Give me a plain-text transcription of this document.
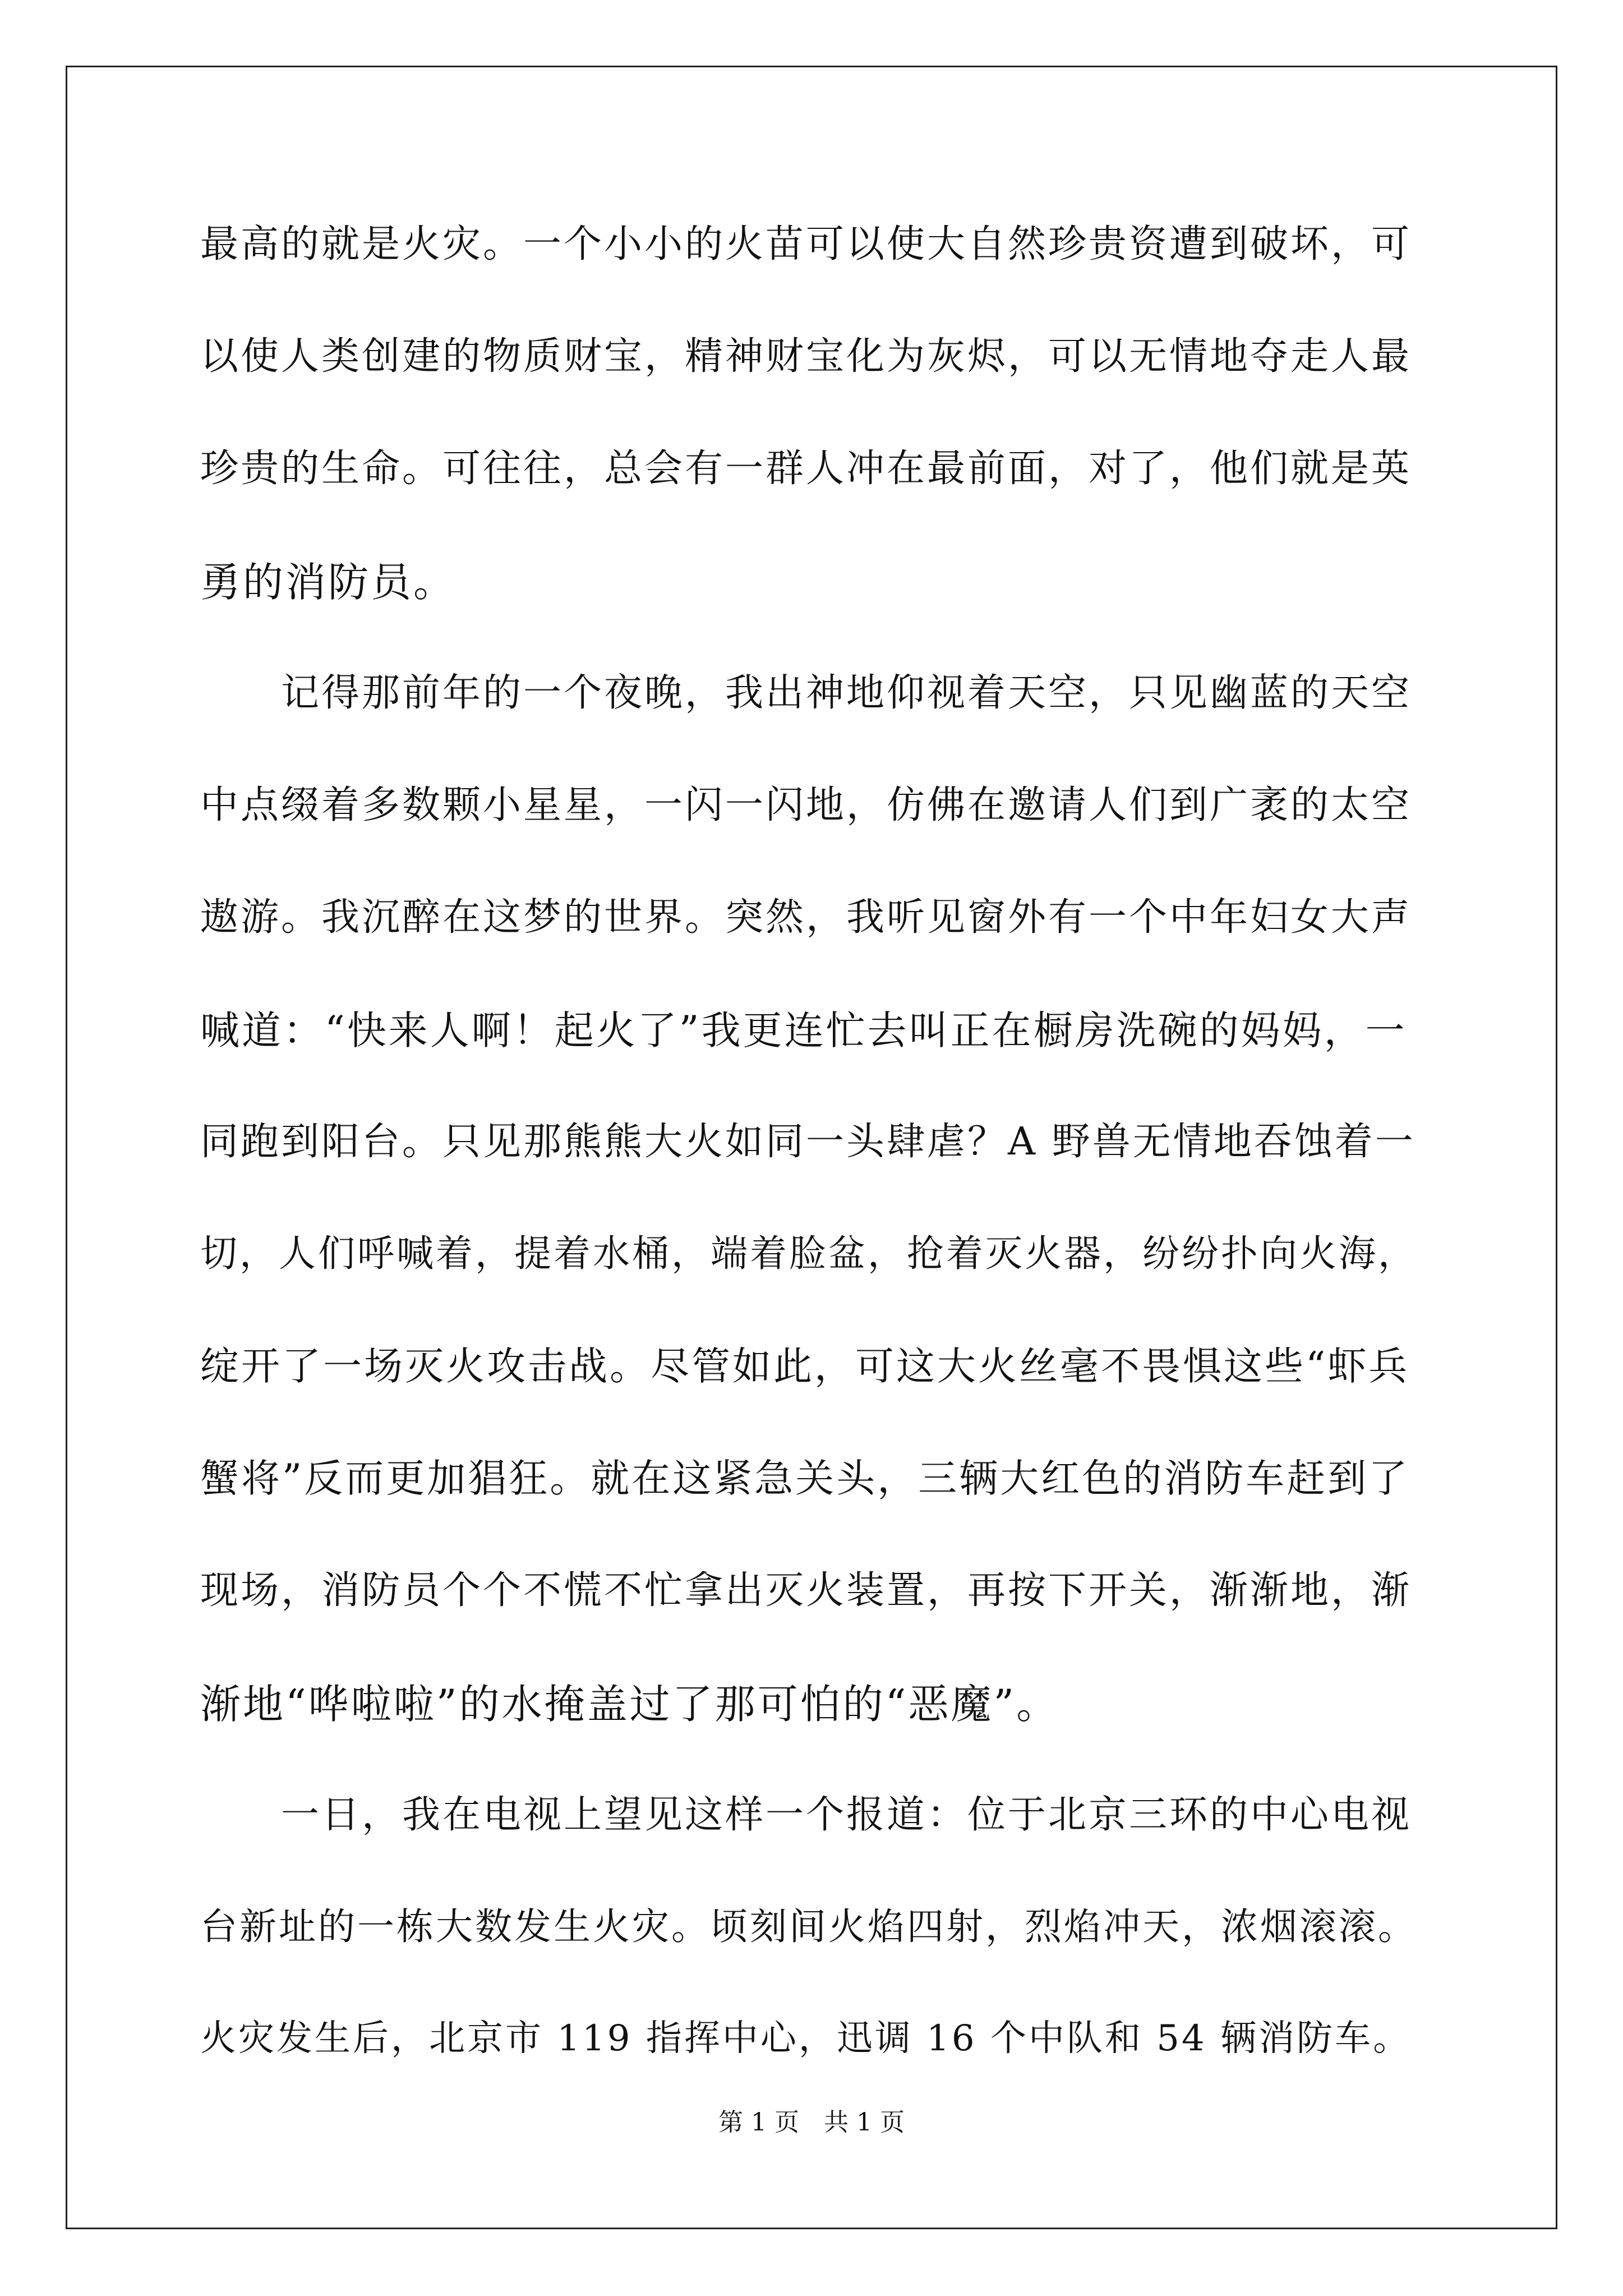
最高的就是火灾。一个小小的火苗可以使大自然珍贵资遭到破坏，可
以使人类创建的物质财宝，精神财宝化为灰烬，可以无情地夺走人最
珍贵的生命。可往往，总会有一群人冲在最前面，对了，他们就是英
勇的消防员。
　　记得那前年的一个夜晚，我出神地仰视着天空，只见幽蓝的天空
中点缀着多数颗小星星，一闪一闪地，仿佛在邀请人们到广袤的太空
遨游。我沉醉在这梦的世界。突然，我听见窗外有一个中年妇女大声
喊道：“快来人啊！起火了”我更连忙去叫正在橱房洗碗的妈妈，一
同跑到阳台。只见那熊熊大火如同一头肆虐？A 野兽无情地吞蚀着一
切，人们呼喊着，提着水桶，端着脸盆，抢着灭火器，纷纷扑向火海，
绽开了一场灭火攻击战。尽管如此，可这大火丝毫不畏惧这些“虾兵
蟹将”反而更加猖狂。就在这紧急关头，三辆大红色的消防车赶到了
现场，消防员个个不慌不忙拿出灭火装置，再按下开关，渐渐地，渐
渐地“哗啦啦”的水掩盖过了那可怕的“恶魔”。
　　一日，我在电视上望见这样一个报道：位于北京三环的中心电视
台新址的一栋大数发生火灾。顷刻间火焰四射，烈焰冲天，浓烟滚滚。
火灾发生后，北京市 119 指挥中心，迅调 16 个中队和 54 辆消防车。
第 1 页　共 1 页
